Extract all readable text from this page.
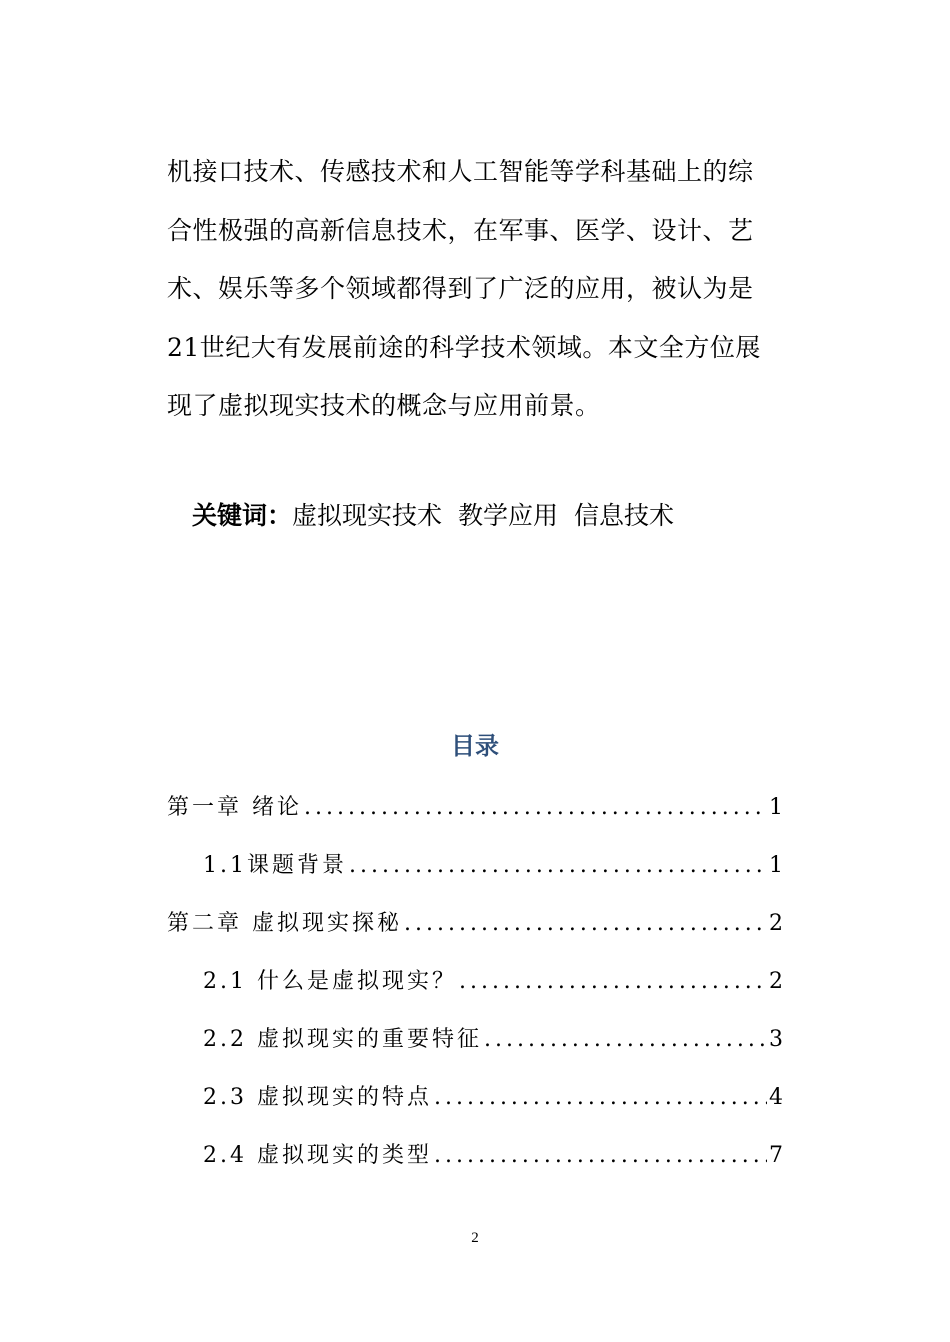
机接口技术、传感技术和人工智能等学科基础上的综
合性极强的高新信息技术，在军事、医学、设计、艺
术、娱乐等多个领域都得到了广泛的应用，被认为是
21世纪大有发展前途的科学技术领域。本文全方位展
现了虚拟现实技术的概念与应用前景。
关键词：虚拟现实技术 教学应用 信息技术
目录
第一章 绪论 .....	1
1.1课题背景 .....	1
第二章 虚拟现实探秘 .....	2
2.1 什么是虚拟现实？ .....	2
2.2 虚拟现实的重要特征 .....	3
2.3 虚拟现实的特点 .....	4
2.4 虚拟现实的类型 .....	7
2
